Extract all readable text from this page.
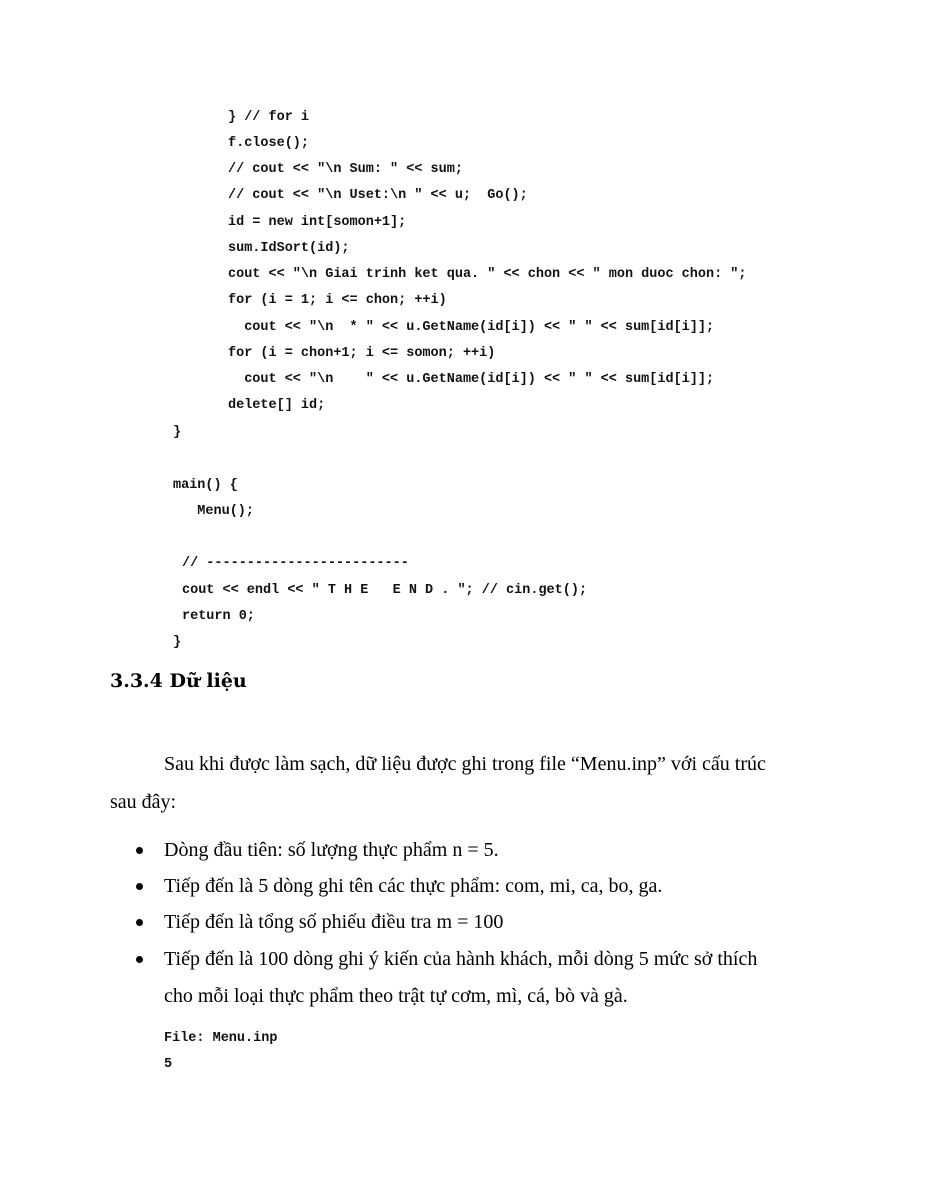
} // for i
f.close();
// cout << "\n Sum: " << sum;
// cout << "\n Uset:\n " << u;  Go();
id = new int[somon+1];
sum.IdSort(id);
cout << "\n Giai trinh ket qua. " << chon << " mon duoc chon: ";
for (i = 1; i <= chon; ++i)
cout << "\n  * " << u.GetName(id[i]) << " " << sum[id[i]];
for (i = chon+1; i <= somon; ++i)
cout << "\n    " << u.GetName(id[i]) << " " << sum[id[i]];
delete[] id;
}
main() {
Menu();
// -------------------------
cout << endl << " T H E   E N D . "; // cin.get();
return 0;
}
3.3.4 Dữ liệu
Sau khi được làm sạch, dữ liệu được ghi trong file “Menu.inp” với cấu trúc
sau đây:
Dòng đầu tiên: số lượng thực phẩm n = 5.
Tiếp đến là 5 dòng ghi tên các thực phẩm: com, mi, ca, bo, ga.
Tiếp đến là tổng số phiếu điều tra m = 100
Tiếp đến là 100 dòng ghi ý kiến của hành khách, mỗi dòng 5 mức sở thích
cho mỗi loại thực phẩm theo trật tự cơm, mì, cá, bò và gà.
File: Menu.inp
5
